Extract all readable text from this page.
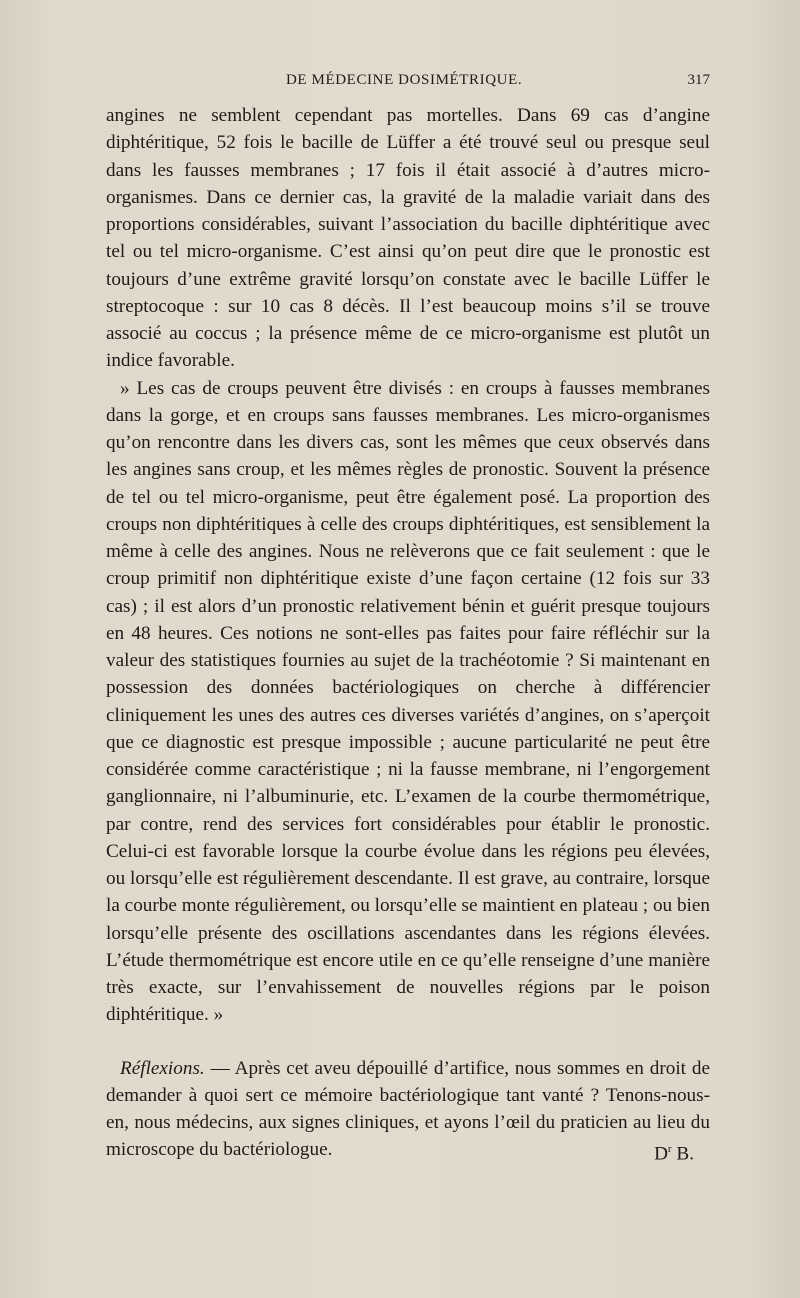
DE MÉDECINE DOSIMÉTRIQUE.	317

angines ne semblent cependant pas mortelles. Dans 69 cas d’angine diphtéritique, 52 fois le bacille de Lüffer a été trouvé seul ou presque seul dans les fausses membranes ; 17 fois il était associé à d’autres micro-organismes. Dans ce dernier cas, la gravité de la maladie variait dans des proportions considérables, suivant l’association du bacille diphtéritique avec tel ou tel micro-organisme. C’est ainsi qu’on peut dire que le pronostic est toujours d’une extrême gravité lorsqu’on constate avec le bacille Lüffer le streptocoque : sur 10 cas 8 décès. Il l’est beaucoup moins s’il se trouve associé au coccus ; la présence même de ce micro-organisme est plutôt un indice favorable.

» Les cas de croups peuvent être divisés : en croups à fausses membranes dans la gorge, et en croups sans fausses membranes. Les micro-organismes qu’on rencontre dans les divers cas, sont les mêmes que ceux observés dans les angines sans croup, et les mêmes règles de pronostic. Souvent la présence de tel ou tel micro-organisme, peut être également posé. La proportion des croups non diphtéritiques à celle des croups diphtéritiques, est sensiblement la même à celle des angines. Nous ne relèverons que ce fait seulement : que le croup primitif non diphtéritique existe d’une façon certaine (12 fois sur 33 cas) ; il est alors d’un pronostic relativement bénin et guérit presque toujours en 48 heures. Ces notions ne sont-elles pas faites pour faire réfléchir sur la valeur des statistiques fournies au sujet de la trachéotomie ? Si maintenant en possession des données bactériologiques on cherche à différencier cliniquement les unes des autres ces diverses variétés d’angines, on s’aperçoit que ce diagnostic est presque impossible ; aucune particularité ne peut être considérée comme caractéristique ; ni la fausse membrane, ni l’engorgement ganglionnaire, ni l’albuminurie, etc. L’examen de la courbe thermométrique, par contre, rend des services fort considérables pour établir le pronostic. Celui-ci est favorable lorsque la courbe évolue dans les régions peu élevées, ou lorsqu’elle est régulièrement descendante. Il est grave, au contraire, lorsque la courbe monte régulièrement, ou lorsqu’elle se maintient en plateau ; ou bien lorsqu’elle présente des oscillations ascendantes dans les régions élevées. L’étude thermométrique est encore utile en ce qu’elle renseigne d’une manière très exacte, sur l’envahissement de nouvelles régions par le poison diphtéritique. »

Réflexions. — Après cet aveu dépouillé d’artifice, nous sommes en droit de demander à quoi sert ce mémoire bactériologique tant vanté ? Tenons-nous-en, nous médecins, aux signes cliniques, et ayons l’œil du praticien au lieu du microscope du bactériologue.	$D^r$ B.
